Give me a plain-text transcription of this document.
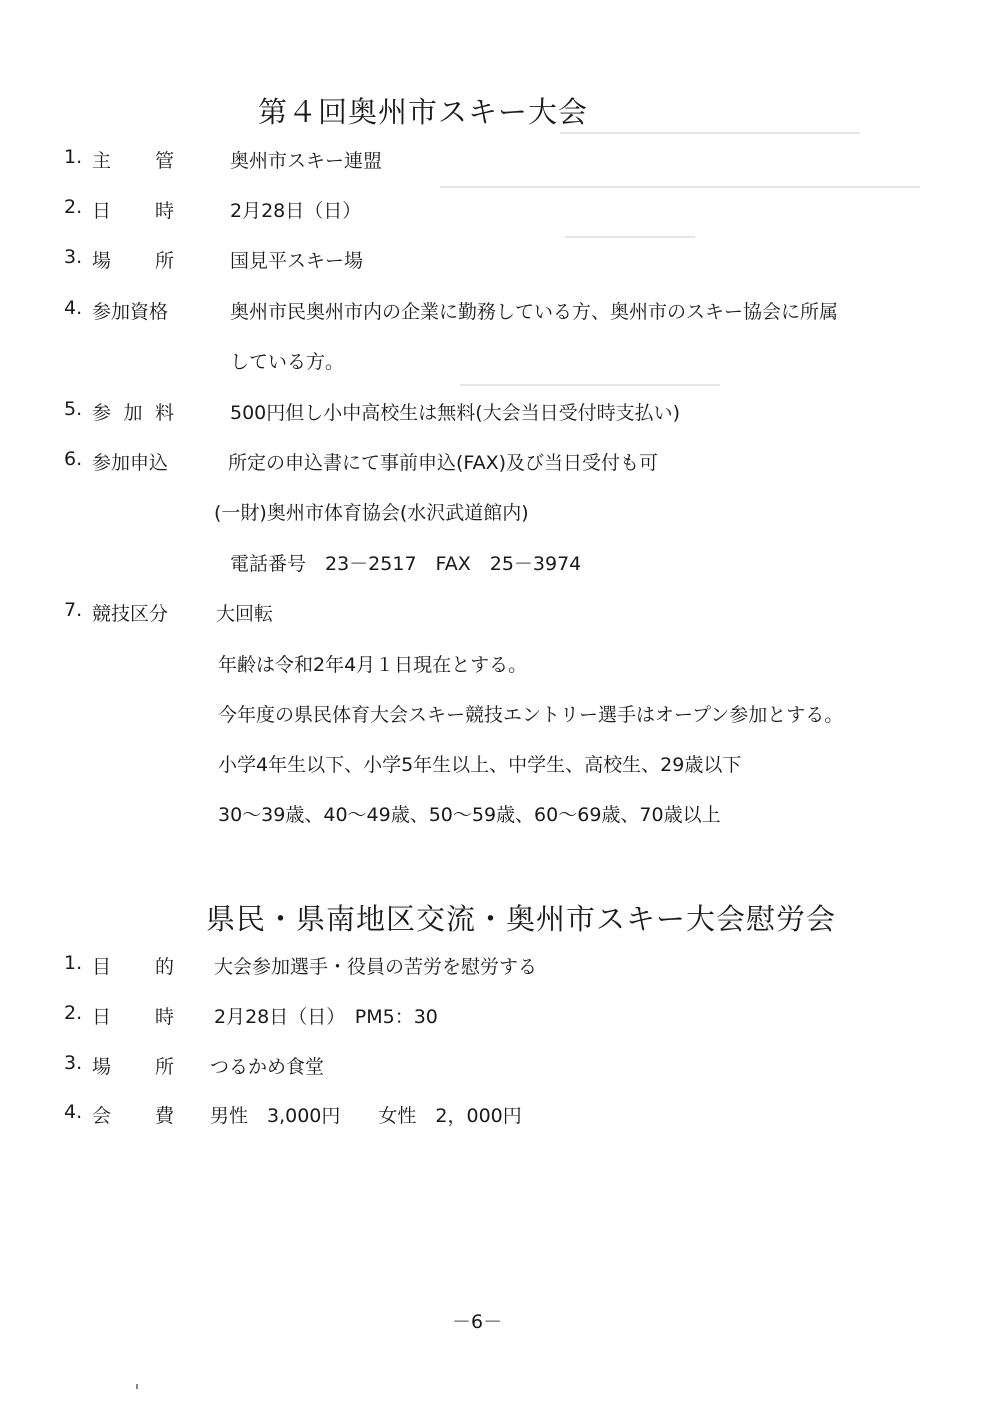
第４回奥州市スキー大会
1. 主 管	奥州市スキー連盟
2. 日 時	2月28日（日）
3. 場 所	国見平スキー場
4. 参加資格	奥州市民奥州市内の企業に勤務している方、奥州市のスキー協会に所属
している方。
5. 参 加 料	500円但し小中高校生は無料(大会当日受付時支払い)
6. 参加申込	所定の申込書にて事前申込(FAX)及び当日受付も可
(一財)奥州市体育協会(水沢武道館内)
電話番号　23－2517　FAX　25－3974
7. 競技区分	大回転
年齢は令和2年4月１日現在とする。
今年度の県民体育大会スキー競技エントリー選手はオープン参加とする。
小学4年生以下、小学5年生以上、中学生、高校生、29歳以下
30～39歳、40～49歳、50～59歳、60～69歳、70歳以上
県民・県南地区交流・奥州市スキー大会慰労会
1. 目 的 大会参加選手・役員の苦労を慰労する
2. 日 時 2月28日（日）　PM5：30
3. 場 所 つるかめ食堂
4. 会 費 男性　3,000円　　女性　2，000円
－6－
